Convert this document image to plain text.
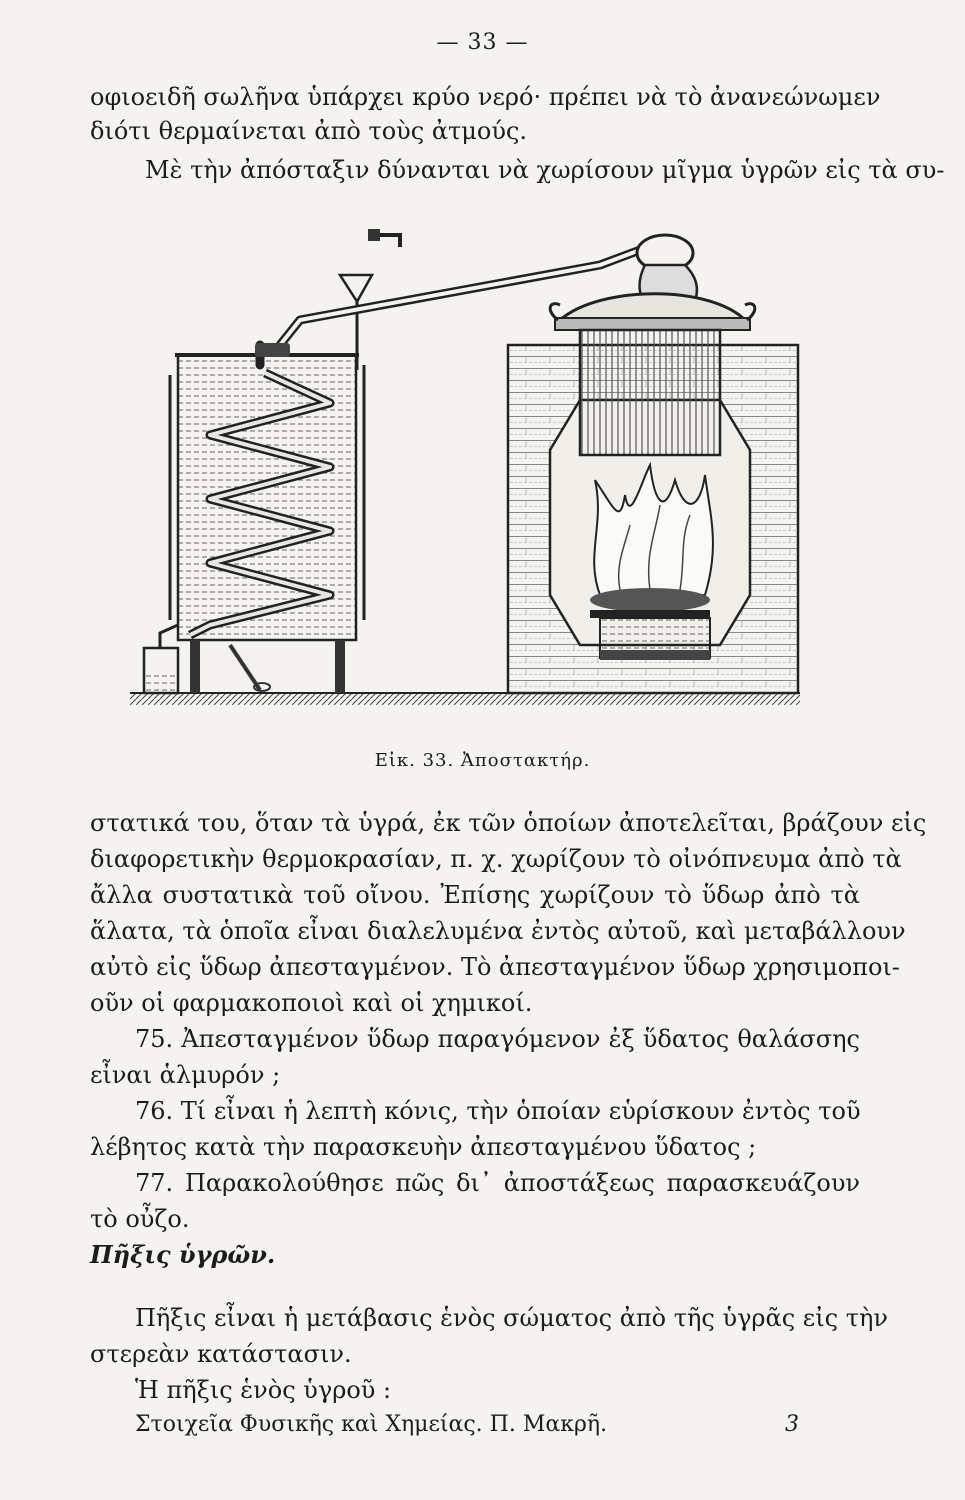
— 33 —
οφιοειδῆ σωλῆνα ὑπάρχει κρύο νερό· πρέπει νὰ τὸ ἀνανεώνωμεν
διότι θερμαίνεται ἀπὸ τοὺς ἀτμούς.
Μὲ τὴν ἀπόσταξιν δύνανται νὰ χωρίσουν μῖγμα ὑγρῶν εἰς τὰ συ-
Εἰκ. 33. Ἀποστακτήρ.
στατικά του, ὅταν τὰ ὑγρά, ἐκ τῶν ὁποίων ἀποτελεῖται, βράζουν εἰς
διαφορετικὴν θερμοκρασίαν, π. χ. χωρίζουν τὸ οἰνόπνευμα ἀπὸ τὰ
ἄλλα συστατικὰ τοῦ οἴνου. Ἐπίσης χωρίζουν τὸ ὕδωρ ἀπὸ τὰ
ἅλατα, τὰ ὁποῖα εἶναι διαλελυμένα ἐντὸς αὐτοῦ, καὶ μεταβάλλουν
αὐτὸ εἰς ὕδωρ ἀπεσταγμένον. Τὸ ἀπεσταγμένον ὕδωρ χρησιμοποι-
οῦν οἱ φαρμακοποιοὶ καὶ οἱ χημικοί.
75. Ἀπεσταγμένον ὕδωρ παραγόμενον ἐξ ὕδατος θαλάσσης
εἶναι ἁλμυρόν ;
76. Τί εἶναι ἡ λεπτὴ κόνις, τὴν ὁποίαν εὑρίσκουν ἐντὸς τοῦ
λέβητος κατὰ τὴν παρασκευὴν ἀπεσταγμένου ὕδατος ;
77. Παρακολούθησε πῶς δι᾽ ἀποστάξεως παρασκευάζουν
τὸ οὖζο.
Πῆξις ὑγρῶν.
Πῆξις εἶναι ἡ μετάβασις ἑνὸς σώματος ἀπὸ τῆς ὑγρᾶς εἰς τὴν
στερεὰν κατάστασιν.
Ἡ πῆξις ἑνὸς ὑγροῦ :
Στοιχεῖα Φυσικῆς καὶ Χημείας. Π. Μακρῆ.	3
